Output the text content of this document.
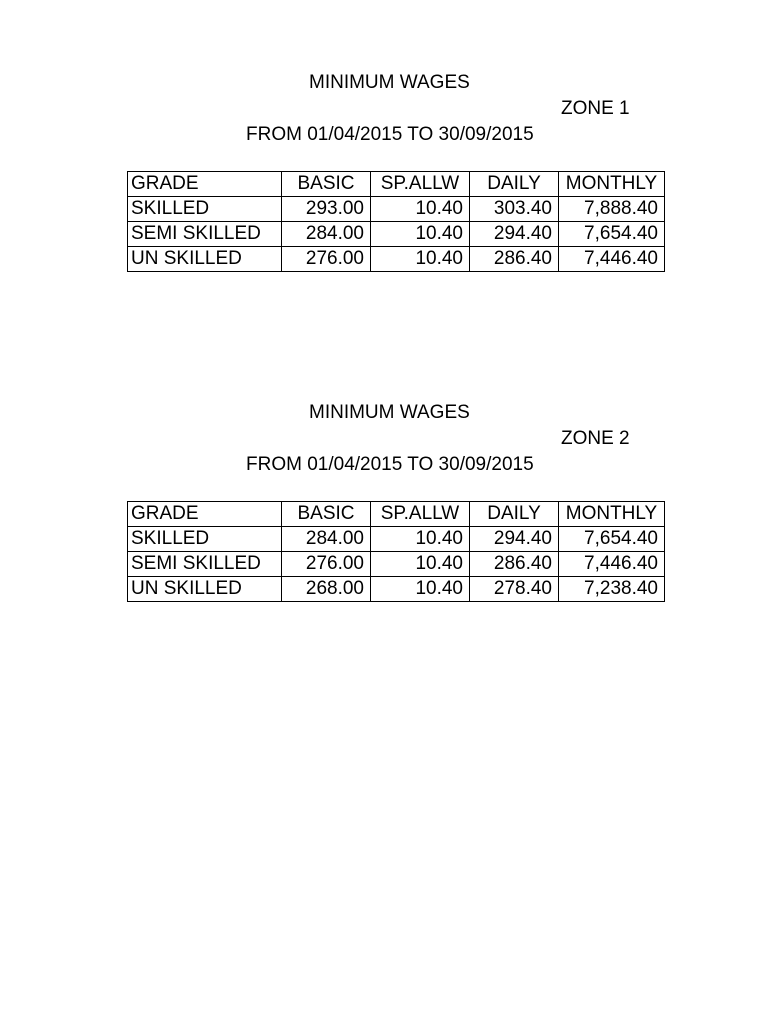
MINIMUM WAGES
ZONE 1
FROM 01/04/2015 TO 30/09/2015
GRADE	BASIC	SP.ALLW	DAILY	MONTHLY
SKILLED	293.00	10.40	303.40	7,888.40
SEMI SKILLED	284.00	10.40	294.40	7,654.40
UN SKILLED	276.00	10.40	286.40	7,446.40
MINIMUM WAGES
ZONE 2
FROM 01/04/2015 TO 30/09/2015
GRADE	BASIC	SP.ALLW	DAILY	MONTHLY
SKILLED	284.00	10.40	294.40	7,654.40
SEMI SKILLED	276.00	10.40	286.40	7,446.40
UN SKILLED	268.00	10.40	278.40	7,238.40
